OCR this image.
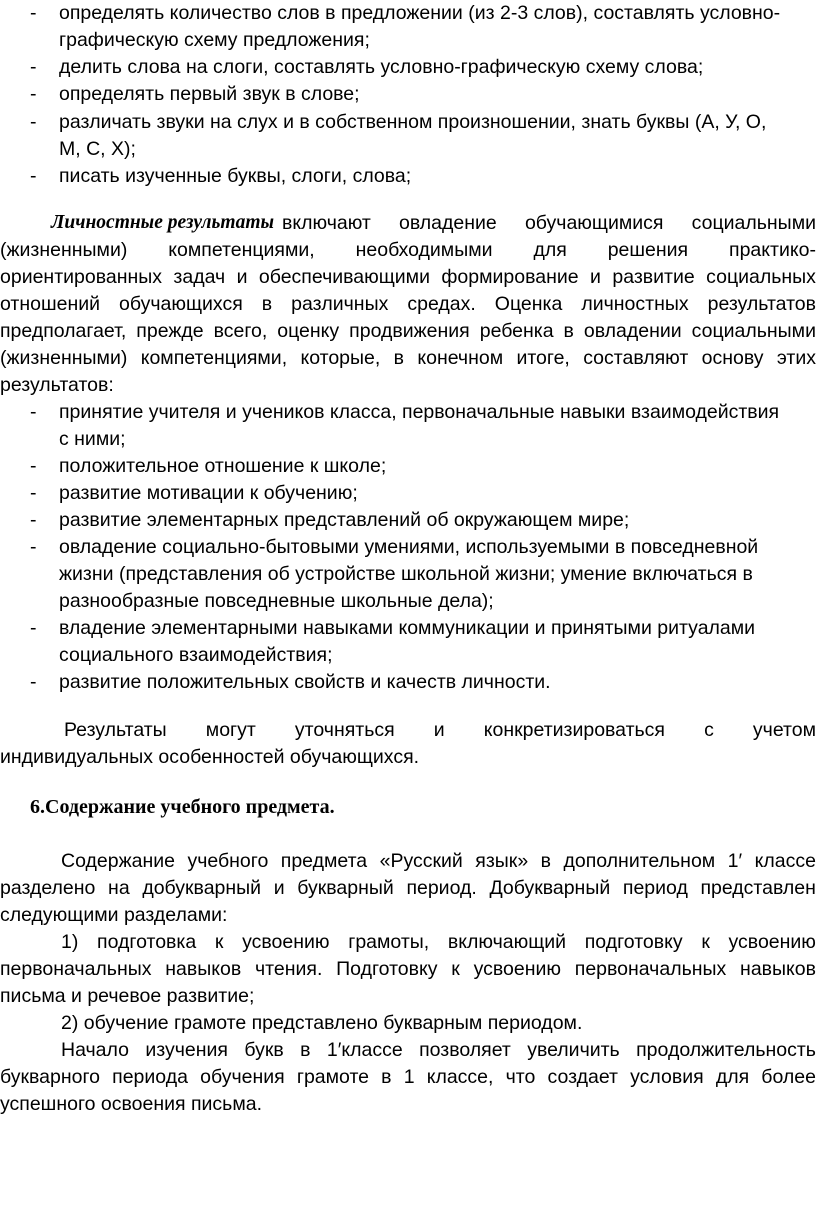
- определять количество слов в предложении (из 2-3 слов), составлять условно-
графическую схему предложения;
- делить слова на слоги, составлять условно-графическую схему слова;
- определять первый звук в слове;
- различать звуки на слух и в собственном произношении, знать буквы (А, У, О,
М, С, Х);
- писать изученные буквы, слоги, слова;
Личностные результаты включают овладение обучающимися социальными
(жизненными) компетенциями, необходимыми для решения практико-
ориентированных задач и обеспечивающими формирование и развитие социальных
отношений обучающихся в различных средах. Оценка личностных результатов
предполагает, прежде всего, оценку продвижения ребенка в овладении социальными
(жизненными) компетенциями, которые, в конечном итоге, составляют основу этих
результатов:
- принятие учителя и учеников класса, первоначальные навыки взаимодействия
с ними;
- положительное отношение к школе;
- развитие мотивации к обучению;
- развитие элементарных представлений об окружающем мире;
- овладение социально-бытовыми умениями, используемыми в повседневной
жизни (представления об устройстве школьной жизни; умение включаться в
разнообразные повседневные школьные дела);
- владение элементарными навыками коммуникации и принятыми ритуалами
социального взаимодействия;
- развитие положительных свойств и качеств личности.
Результаты могут уточняться и конкретизироваться с учетом
индивидуальных особенностей обучающихся.
6.Содержание учебного предмета.
Содержание учебного предмета «Русский язык» в дополнительном 1′ классе
разделено на добукварный и букварный период. Добукварный период представлен
следующими разделами:
1) подготовка к усвоению грамоты, включающий подготовку к усвоению
первоначальных навыков чтения. Подготовку к усвоению первоначальных навыков
письма и речевое развитие;
2) обучение грамоте представлено букварным периодом.
Начало изучения букв в 1′классе позволяет увеличить продолжительность
букварного периода обучения грамоте в 1 классе, что создает условия для более
успешного освоения письма.
